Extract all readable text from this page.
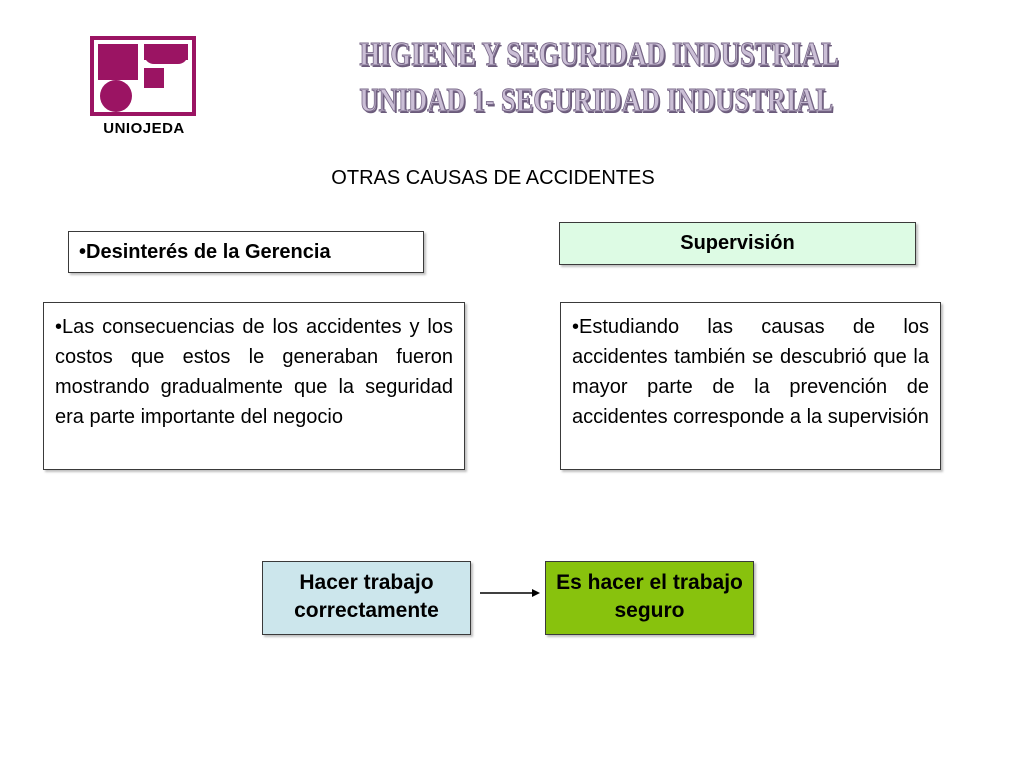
UNIOJEDA
HIGIENE Y SEGURIDAD INDUSTRIAL
UNIDAD 1- SEGURIDAD INDUSTRIAL
OTRAS CAUSAS DE ACCIDENTES
•Desinterés de la Gerencia	Supervisión
•Las consecuencias de los accidentes y los costos que estos le generaban fueron mostrando gradualmente que la seguridad era parte importante del negocio
•Estudiando las causas de los accidentes también se descubrió que la mayor parte de la prevención de accidentes corresponde a la supervisión
Hacer trabajo correctamente
Es hacer el trabajo seguro
